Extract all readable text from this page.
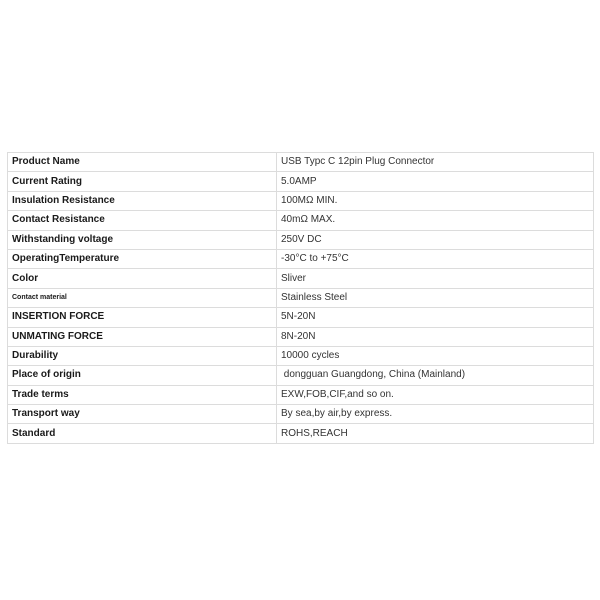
Product Name	USB Typc C 12pin Plug Connector
Current Rating	5.0AMP
Insulation Resistance	100MΩ MIN.
Contact Resistance	40mΩ MAX.
Withstanding voltage	250V DC
OperatingTemperature	-30°C to +75°C
Color	Sliver
Contact material	Stainless Steel
INSERTION FORCE	5N-20N
UNMATING FORCE	8N-20N
Durability	10000 cycles
Place of origin	dongguan Guangdong, China (Mainland)
Trade terms	EXW,FOB,CIF,and so on.
Transport way	By sea,by air,by express.
Standard	ROHS,REACH
